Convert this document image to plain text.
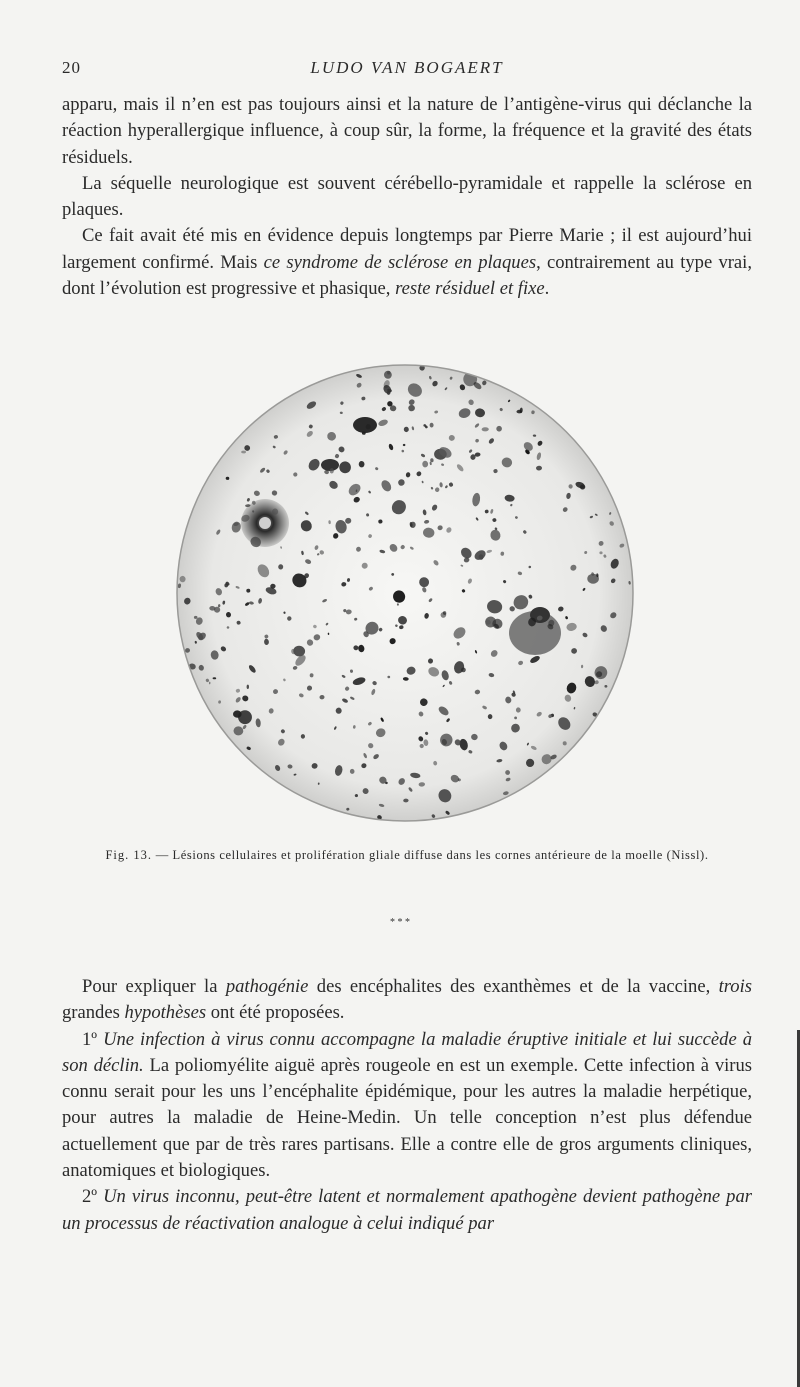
20	LUDO VAN BOGAERT

apparu, mais il n’en est pas toujours ainsi et la nature de l’antigène-virus qui déclanche la réaction hyperallergique influence, à coup sûr, la forme, la fréquence et la gravité des états résiduels.

La séquelle neurologique est souvent cérébello-pyramidale et rappelle la sclérose en plaques.

Ce fait avait été mis en évidence depuis longtemps par Pierre Marie ; il est aujourd’hui largement confirmé. Mais ce syndrome de sclérose en plaques, contrairement au type vrai, dont l’évolution est progressive et phasique, reste résiduel et fixe.

Fig. 13. — Lésions cellulaires et prolifération gliale diffuse dans les cornes antérieure de la moelle (Nissl).
* * *

Pour expliquer la pathogénie des encéphalites des exanthèmes et de la vaccine, trois grandes hypothèses ont été proposées.

1º Une infection à virus connu accompagne la maladie éruptive initiale et lui succède à son déclin. La poliomyélite aiguë après rougeole en est un exemple. Cette infection à virus connu serait pour les uns l’encéphalite épidémique, pour les autres la maladie herpétique, pour autres la maladie de Heine-Medin. Un telle conception n’est plus défendue actuellement que par de très rares partisans. Elle a contre elle de gros arguments cliniques, anatomiques et biologiques.

2º Un virus inconnu, peut-être latent et normalement apathogène devient pathogène par un processus de réactivation analogue à celui indiqué par
